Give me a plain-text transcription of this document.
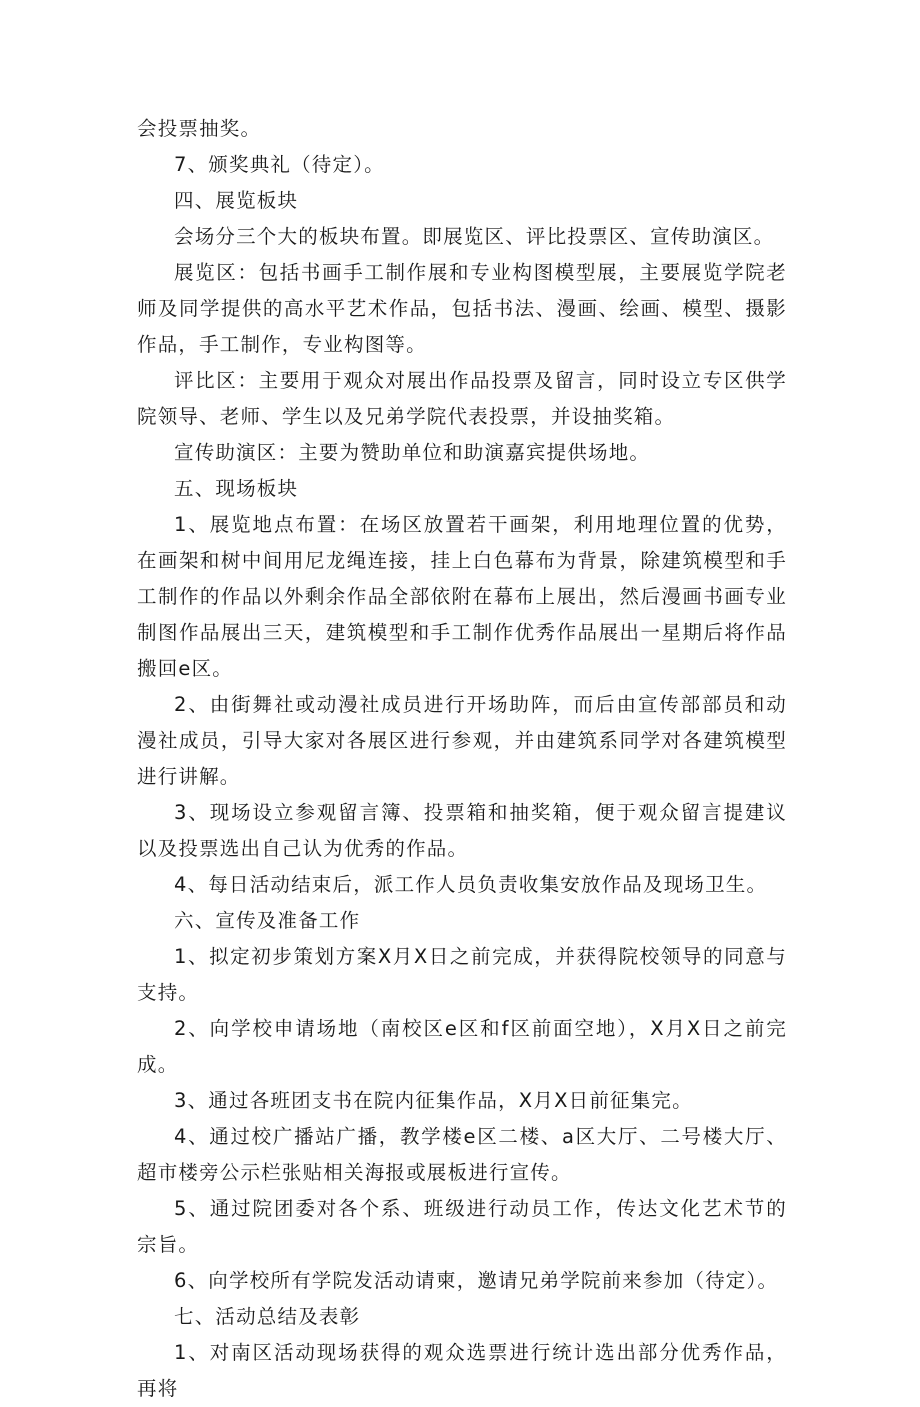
会投票抽奖。

7、颁奖典礼（待定）。

四、展览板块

会场分三个大的板块布置。即展览区、评比投票区、宣传助演区。

展览区：包括书画手工制作展和专业构图模型展，主要展览学院老师及同学提供的高水平艺术作品，包括书法、漫画、绘画、模型、摄影作品，手工制作，专业构图等。

评比区：主要用于观众对展出作品投票及留言，同时设立专区供学院领导、老师、学生以及兄弟学院代表投票，并设抽奖箱。

宣传助演区：主要为赞助单位和助演嘉宾提供场地。

五、现场板块

1、展览地点布置：在场区放置若干画架，利用地理位置的优势，在画架和树中间用尼龙绳连接，挂上白色幕布为背景，除建筑模型和手工制作的作品以外剩余作品全部依附在幕布上展出，然后漫画书画专业制图作品展出三天，建筑模型和手工制作优秀作品展出一星期后将作品搬回e区。

2、由街舞社或动漫社成员进行开场助阵，而后由宣传部部员和动漫社成员，引导大家对各展区进行参观，并由建筑系同学对各建筑模型进行讲解。

3、现场设立参观留言簿、投票箱和抽奖箱，便于观众留言提建议以及投票选出自己认为优秀的作品。

4、每日活动结束后，派工作人员负责收集安放作品及现场卫生。

六、宣传及准备工作

1、拟定初步策划方案X月X日之前完成，并获得院校领导的同意与支持。

2、向学校申请场地（南校区e区和f区前面空地），X月X日之前完成。

3、通过各班团支书在院内征集作品，X月X日前征集完。

4、通过校广播站广播，教学楼e区二楼、a区大厅、二号楼大厅、超市楼旁公示栏张贴相关海报或展板进行宣传。

5、通过院团委对各个系、班级进行动员工作，传达文化艺术节的宗旨。

6、向学校所有学院发活动请柬，邀请兄弟学院前来参加（待定）。

七、活动总结及表彰

1、对南区活动现场获得的观众选票进行统计选出部分优秀作品，再将
